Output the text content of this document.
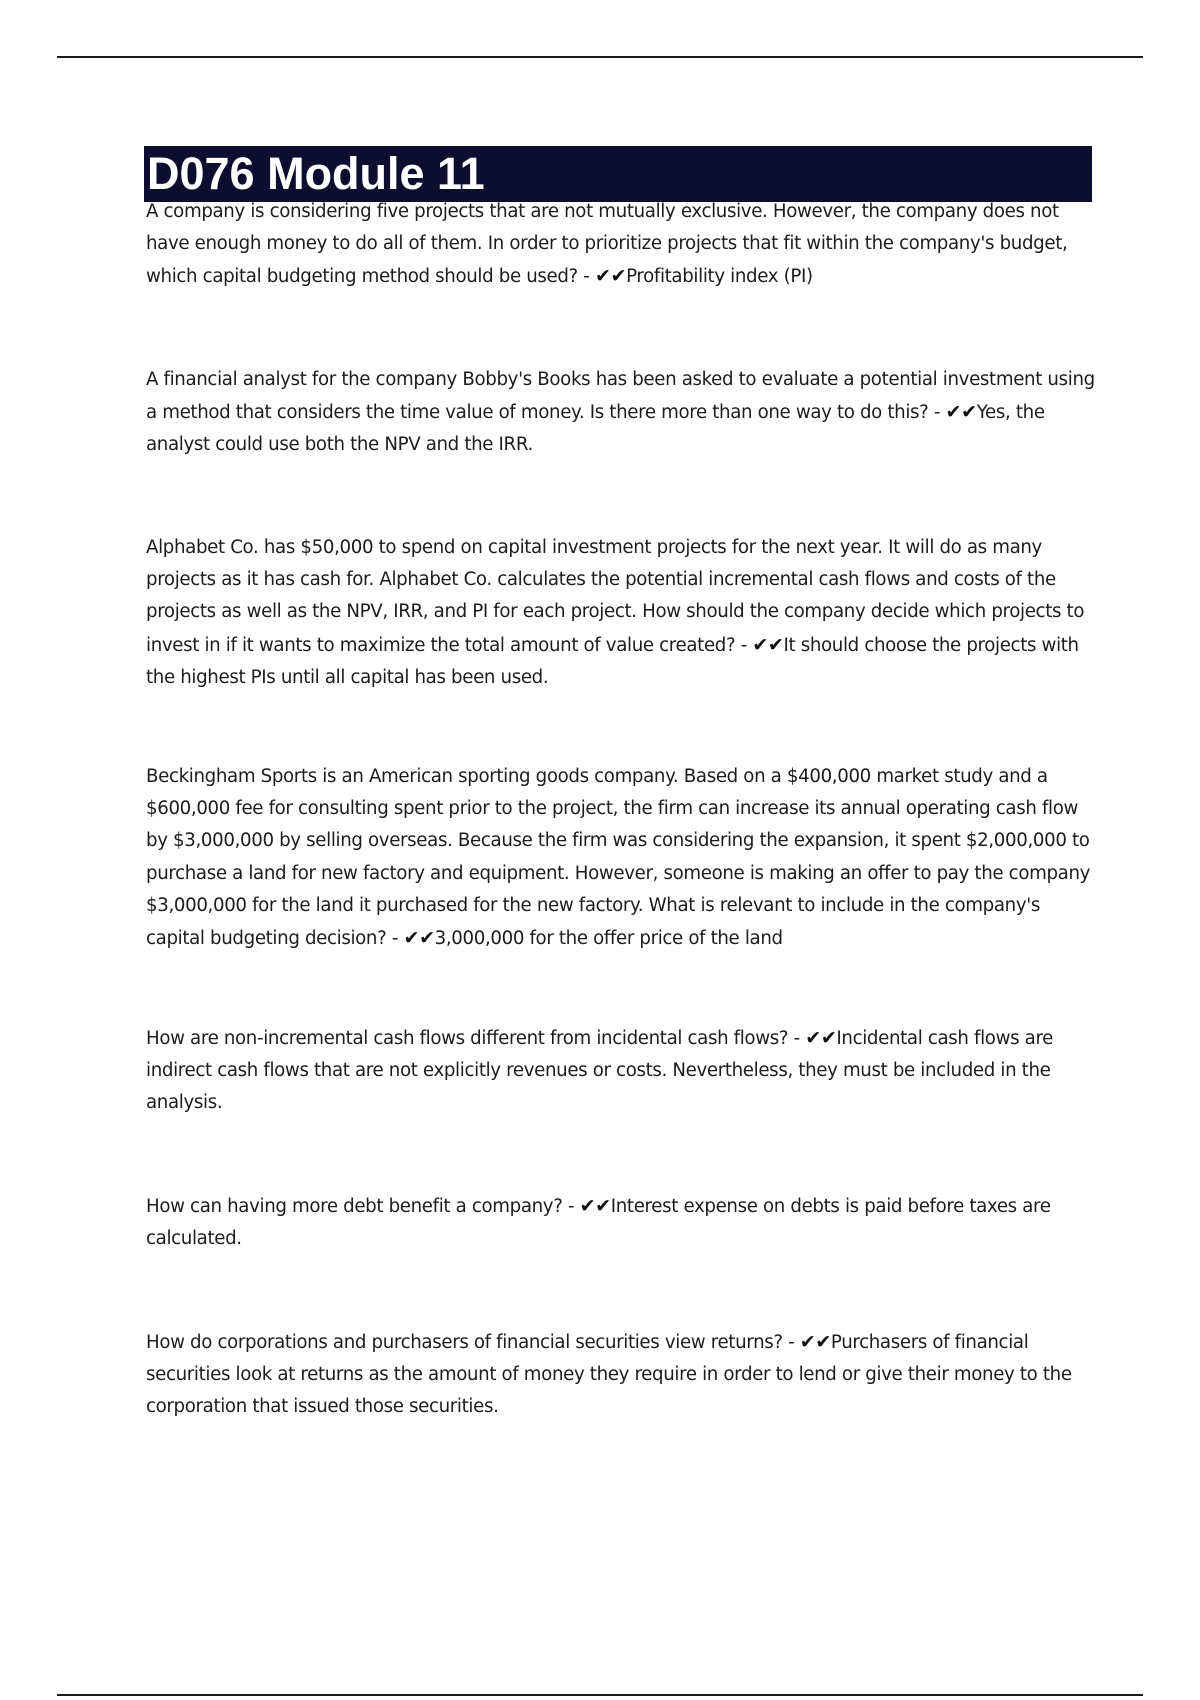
D076 Module 11

A company is considering five projects that are not mutually exclusive. However, the company does not have enough money to do all of them. In order to prioritize projects that fit within the company's budget, which capital budgeting method should be used? - ✔✔Profitability index (PI)

A financial analyst for the company Bobby's Books has been asked to evaluate a potential investment using a method that considers the time value of money. Is there more than one way to do this? - ✔✔Yes, the analyst could use both the NPV and the IRR.

Alphabet Co. has $50,000 to spend on capital investment projects for the next year. It will do as many projects as it has cash for. Alphabet Co. calculates the potential incremental cash flows and costs of the projects as well as the NPV, IRR, and PI for each project. How should the company decide which projects to invest in if it wants to maximize the total amount of value created? - ✔✔It should choose the projects with the highest PIs until all capital has been used.

Beckingham Sports is an American sporting goods company. Based on a $400,000 market study and a $600,000 fee for consulting spent prior to the project, the firm can increase its annual operating cash flow by $3,000,000 by selling overseas. Because the firm was considering the expansion, it spent $2,000,000 to purchase a land for new factory and equipment. However, someone is making an offer to pay the company $3,000,000 for the land it purchased for the new factory. What is relevant to include in the company's capital budgeting decision? - ✔✔3,000,000 for the offer price of the land

How are non-incremental cash flows different from incidental cash flows? - ✔✔Incidental cash flows are indirect cash flows that are not explicitly revenues or costs. Nevertheless, they must be included in the analysis.

How can having more debt benefit a company? - ✔✔Interest expense on debts is paid before taxes are calculated.

How do corporations and purchasers of financial securities view returns? - ✔✔Purchasers of financial securities look at returns as the amount of money they require in order to lend or give their money to the corporation that issued those securities.
